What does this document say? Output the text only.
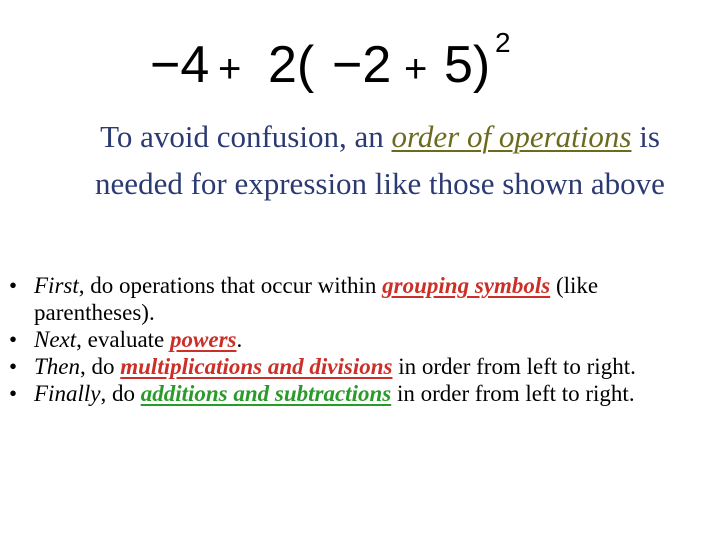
−4 + 2( −2 + 5) 2
To avoid confusion, an order of operations is needed for expression like those shown above
• First, do operations that occur within grouping symbols (like parentheses).
• Next, evaluate powers.
• Then, do multiplications and divisions in order from left to right.
• Finally, do additions and subtractions in order from left to right.
